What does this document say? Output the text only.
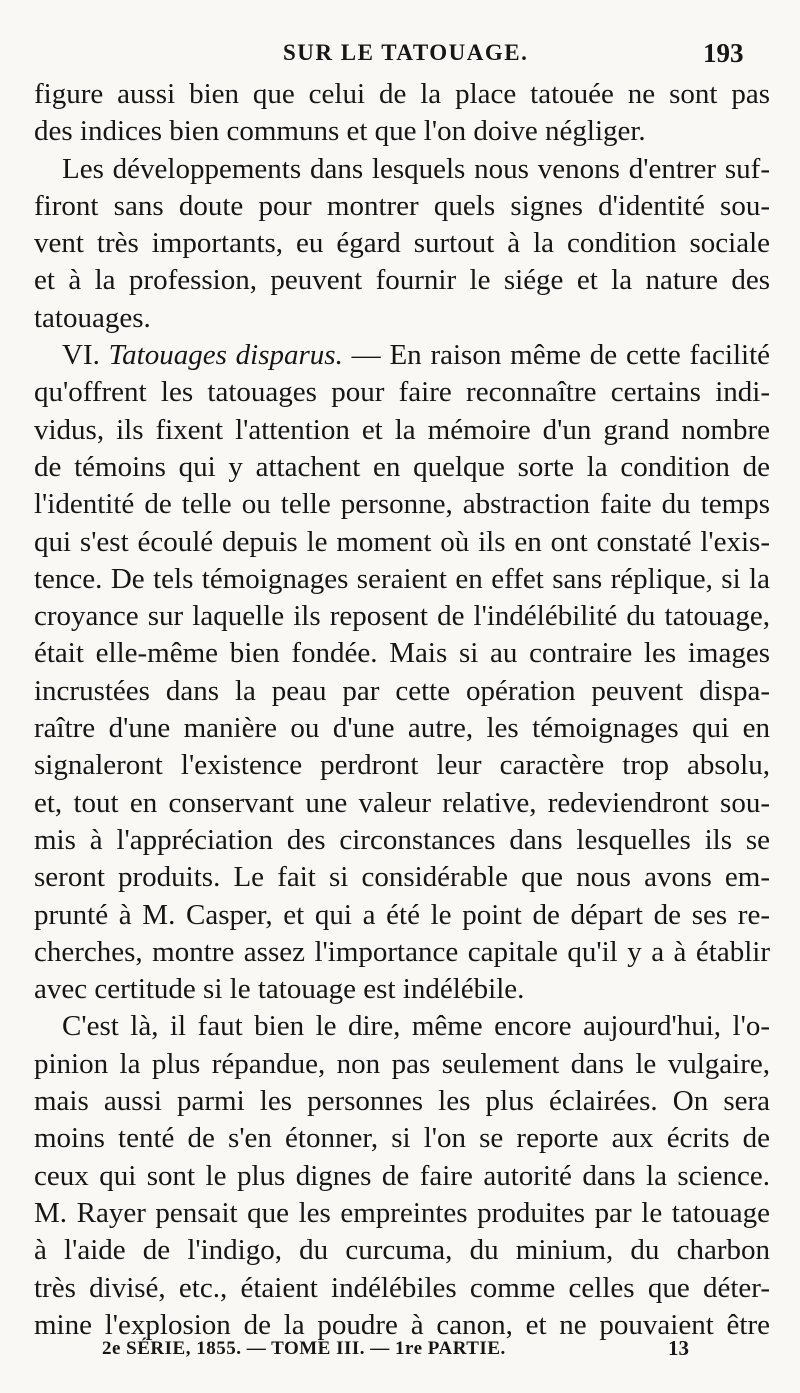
SUR LE TATOUAGE.	193
figure aussi bien que celui de la place tatouée ne sont pas
des indices bien communs et que l'on doive négliger.
Les développements dans lesquels nous venons d'entrer suf-
firont sans doute pour montrer quels signes d'identité sou-
vent très importants, eu égard surtout à la condition sociale
et à la profession, peuvent fournir le siége et la nature des
tatouages.
VI. Tatouages disparus. — En raison même de cette facilité
qu'offrent les tatouages pour faire reconnaître certains indi-
vidus, ils fixent l'attention et la mémoire d'un grand nombre
de témoins qui y attachent en quelque sorte la condition de
l'identité de telle ou telle personne, abstraction faite du temps
qui s'est écoulé depuis le moment où ils en ont constaté l'exis-
tence. De tels témoignages seraient en effet sans réplique, si la
croyance sur laquelle ils reposent de l'indélébilité du tatouage,
était elle-même bien fondée. Mais si au contraire les images
incrustées dans la peau par cette opération peuvent dispa-
raître d'une manière ou d'une autre, les témoignages qui en
signaleront l'existence perdront leur caractère trop absolu,
et, tout en conservant une valeur relative, redeviendront sou-
mis à l'appréciation des circonstances dans lesquelles ils se
seront produits. Le fait si considérable que nous avons em-
prunté à M. Casper, et qui a été le point de départ de ses re-
cherches, montre assez l'importance capitale qu'il y a à établir
avec certitude si le tatouage est indélébile.
C'est là, il faut bien le dire, même encore aujourd'hui, l'o-
pinion la plus répandue, non pas seulement dans le vulgaire,
mais aussi parmi les personnes les plus éclairées. On sera
moins tenté de s'en étonner, si l'on se reporte aux écrits de
ceux qui sont le plus dignes de faire autorité dans la science.
M. Rayer pensait que les empreintes produites par le tatouage
à l'aide de l'indigo, du curcuma, du minium, du charbon
très divisé, etc., étaient indélébiles comme celles que déter-
mine l'explosion de la poudre à canon, et ne pouvaient être
2e SÉRIE, 1855. — TOME III. — 1re PARTIE.	13
